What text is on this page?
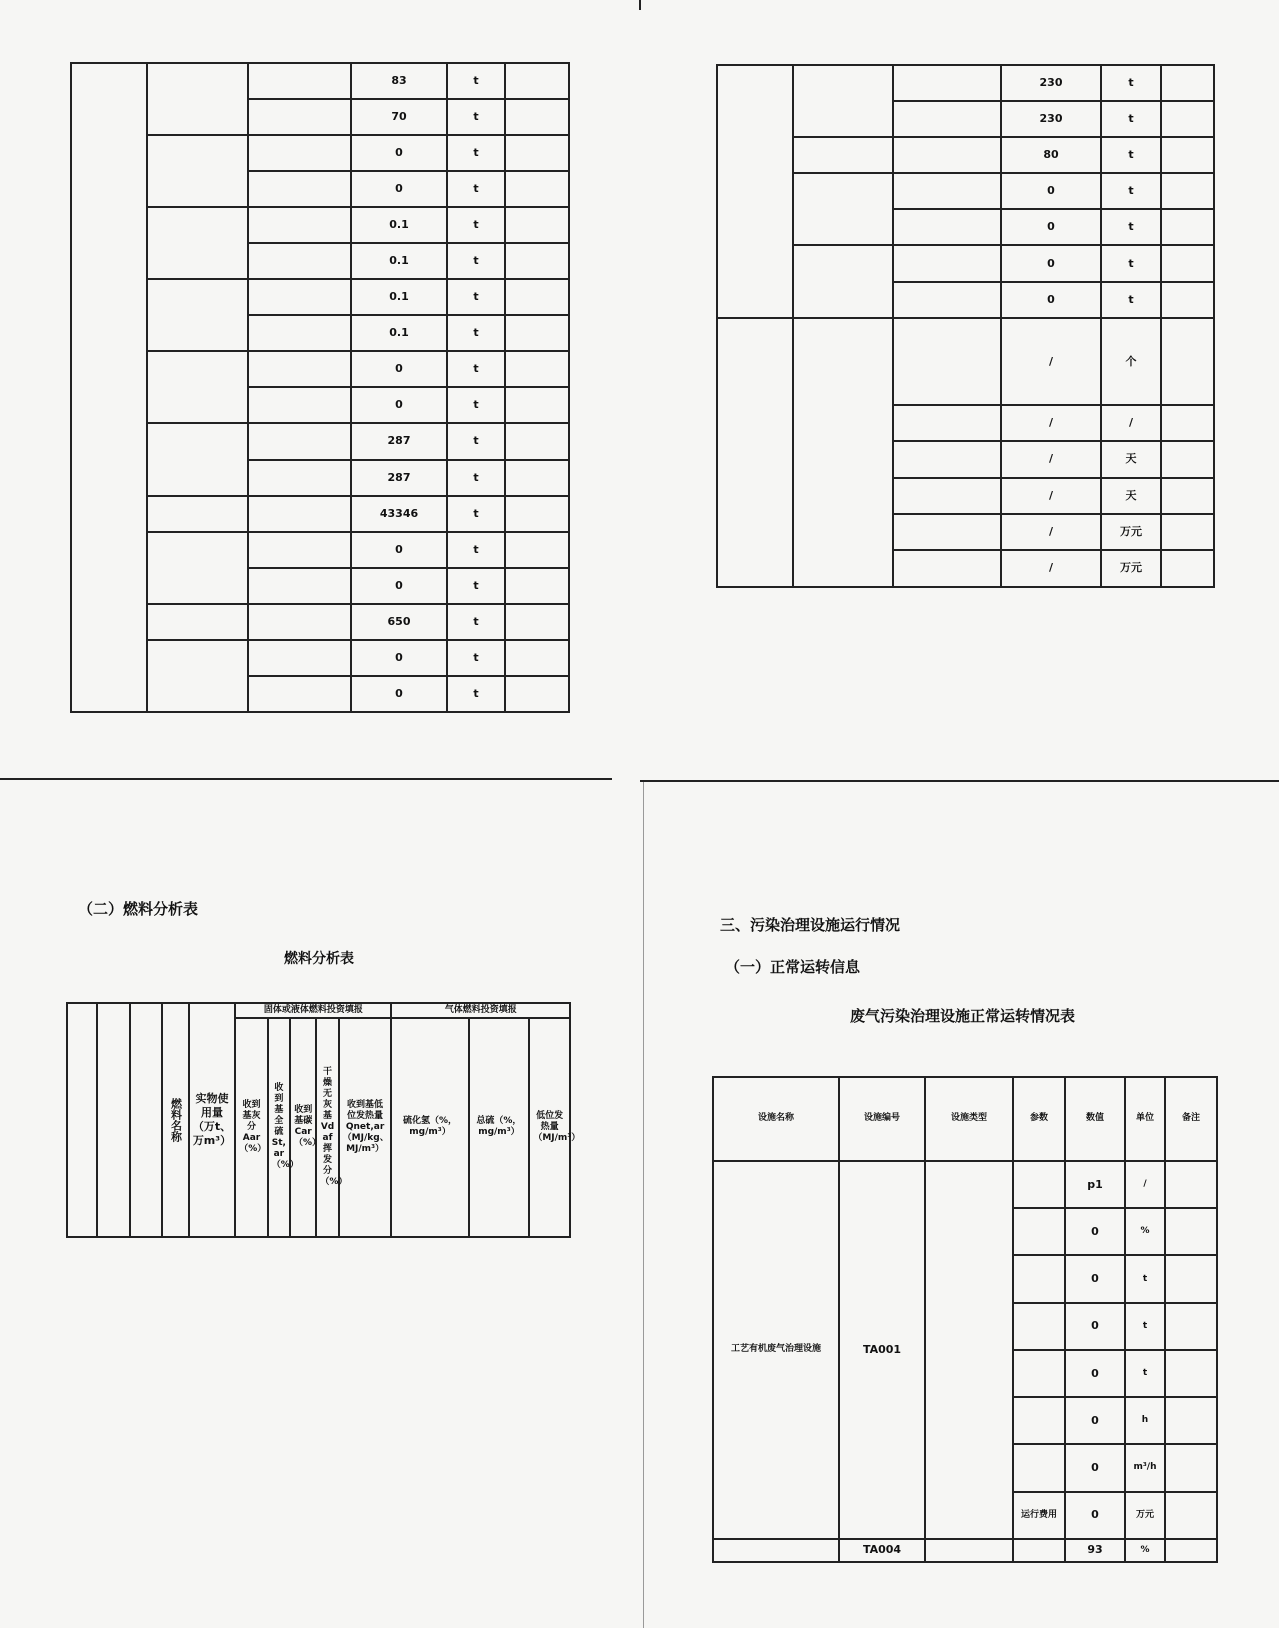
			83	t	
			70	t	
			0	t	
			0	t	
			0.1	t	
			0.1	t	
			0.1	t	
			0.1	t	
			0	t	
			0	t	
			287	t	
			287	t	
			43346	t	
			0	t	
			0	t	
			650	t	
			0	t	
			0	t	
			230	t	
			230	t	
			80	t	
			0	t	
			0	t	
			0	t	
			0	t	
			/	个	
			/	/	
			/	天	
			/	天	
			/	万元	
			/	万元	
（二）燃料分析表
燃料分析表
			燃料名称	实物使用量（万t、万m³）	固体或液体燃料投资填报					气体燃料投资填报		
					收到基灰分Aar（%）	收到基全硫St,ar（%）	收到基碳Car（%）	干燥无灰基Vdaf挥发分（%）	收到基低位发热量Qnet,ar（MJ/kg、MJ/m³）	硫化氢（%，mg/m³）	总硫（%，mg/m³）	低位发热量（MJ/m³）
三、污染治理设施运行情况
（一）正常运转信息
废气污染治理设施正常运转情况表
设施名称	设施编号	设施类型	参数	数值	单位	备注
工艺有机废气治理设施	TA001			p1	/	
				0	%	
				0	t	
				0	t	
				0	t	
				0	h	
				0	m³/h	
			运行费用	0	万元	
	TA004			93	%	
